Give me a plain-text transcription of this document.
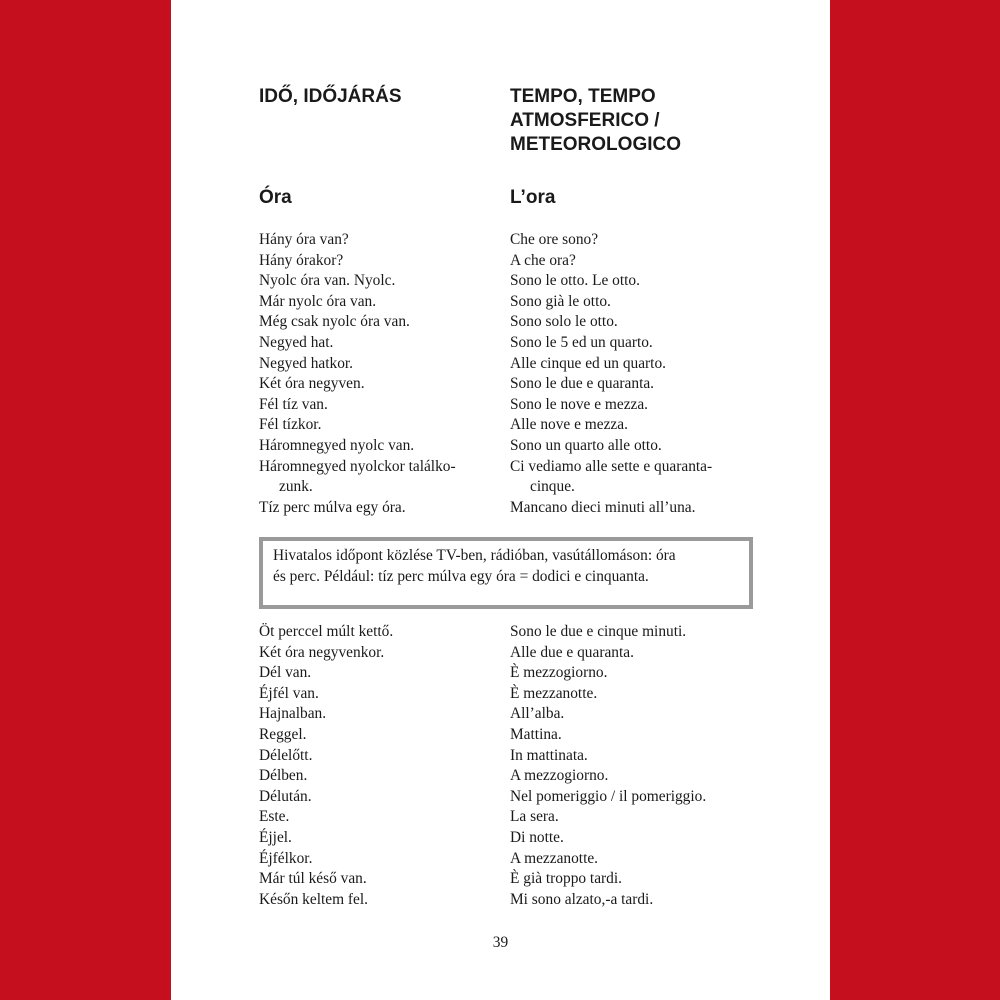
IDŐ, IDŐJÁRÁS	TEMPO, TEMPO
ATMOSFERICO /
METEOROLOGICO
Óra	L’ora
Hány óra van?
Hány órakor?
Nyolc óra van. Nyolc.
Már nyolc óra van.
Még csak nyolc óra van.
Negyed hat.
Negyed hatkor.
Két óra negyven.
Fél tíz van.
Fél tízkor.
Háromnegyed nyolc van.
Háromnegyed nyolckor találko-
zunk.
Tíz perc múlva egy óra.
Che ore sono?
A che ora?
Sono le otto. Le otto.
Sono già le otto.
Sono solo le otto.
Sono le 5 ed un quarto.
Alle cinque ed un quarto.
Sono le due e quaranta.
Sono le nove e mezza.
Alle nove e mezza.
Sono un quarto alle otto.
Ci vediamo alle sette e quaranta-
cinque.
Mancano dieci minuti all’una.

Hivatalos időpont közlése TV-ben, rádióban, vasútállomáson: óra

és perc. Például: tíz perc múlva egy óra = dodici e cinquanta.

Öt perccel múlt kettő.
Két óra negyvenkor.
Dél van.
Éjfél van.
Hajnalban.
Reggel.
Délelőtt.
Délben.
Délután.
Este.
Éjjel.
Éjfélkor.
Már túl késő van.
Későn keltem fel.
Sono le due e cinque minuti.
Alle due e quaranta.
È mezzogiorno.
È mezzanotte.
All’alba.
Mattina.
In mattinata.
A mezzogiorno.
Nel pomeriggio / il pomeriggio.
La sera.
Di notte.
A mezzanotte.
È già troppo tardi.
Mi sono alzato,-a tardi.
39
